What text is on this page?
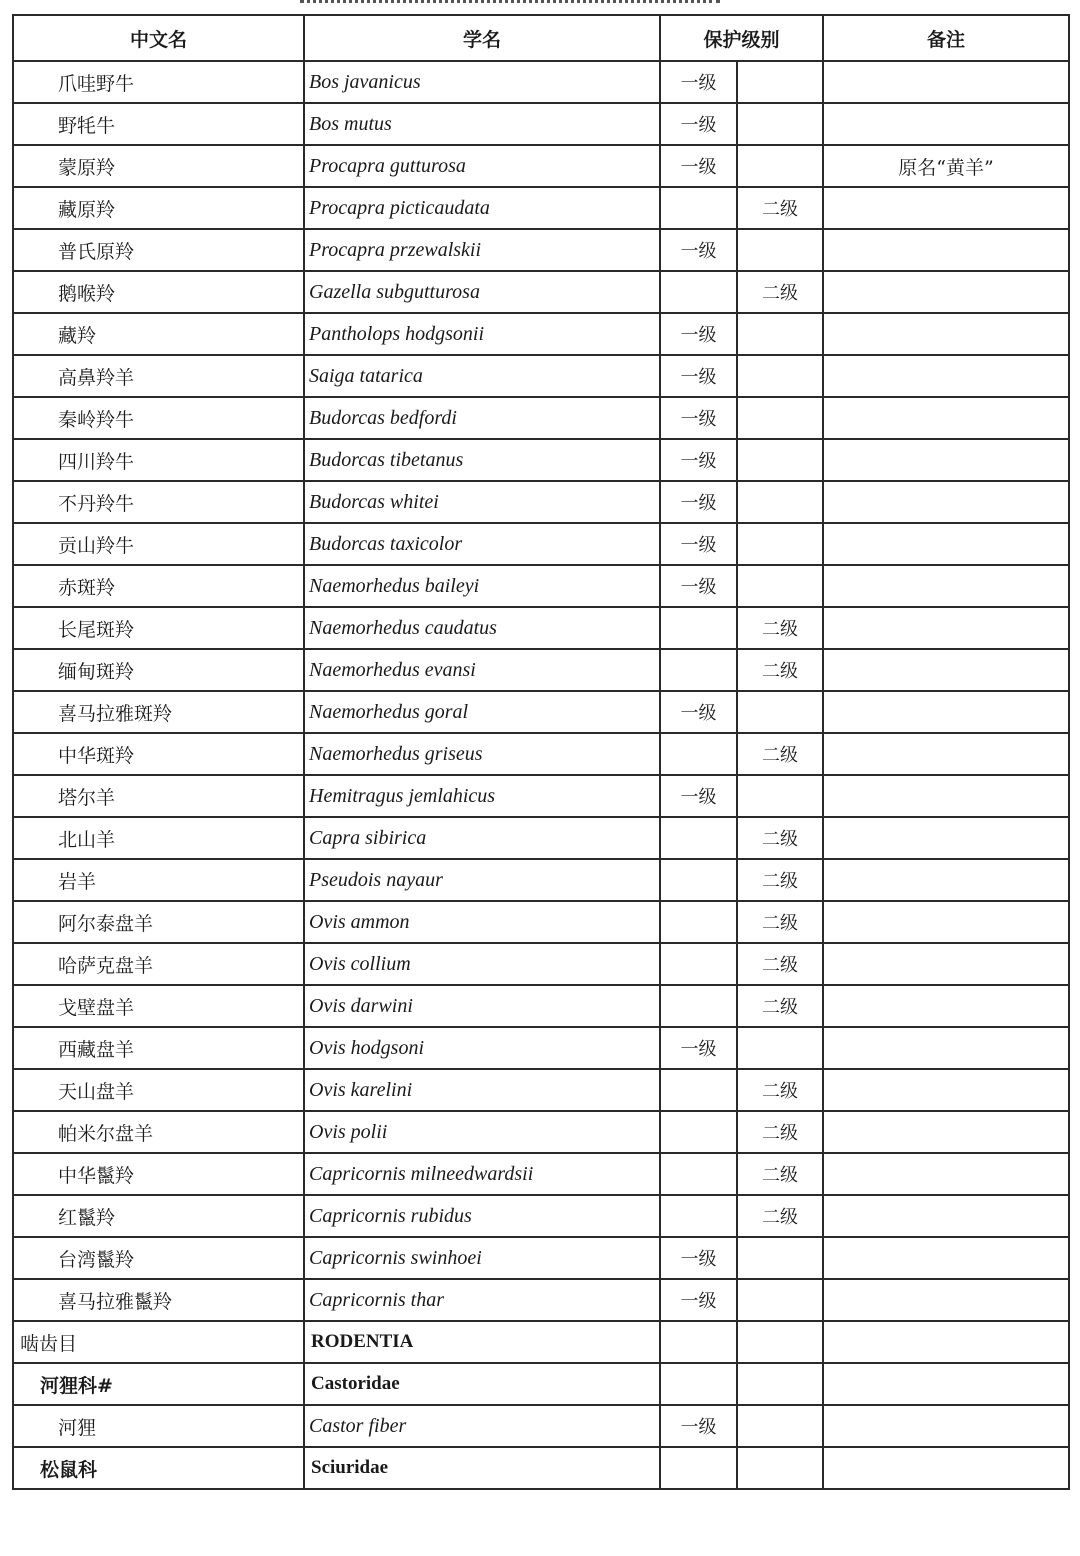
中文名	学名	保护级别		备注
爪哇野牛	Bos javanicus	一级		
野牦牛	Bos mutus	一级		
蒙原羚	Procapra gutturosa	一级		原名“黄羊”
藏原羚	Procapra picticaudata		二级	
普氏原羚	Procapra przewalskii	一级		
鹅喉羚	Gazella subgutturosa		二级	
藏羚	Pantholops hodgsonii	一级		
高鼻羚羊	Saiga tatarica	一级		
秦岭羚牛	Budorcas bedfordi	一级		
四川羚牛	Budorcas tibetanus	一级		
不丹羚牛	Budorcas whitei	一级		
贡山羚牛	Budorcas taxicolor	一级		
赤斑羚	Naemorhedus baileyi	一级		
长尾斑羚	Naemorhedus caudatus		二级	
缅甸斑羚	Naemorhedus evansi		二级	
喜马拉雅斑羚	Naemorhedus goral	一级		
中华斑羚	Naemorhedus griseus		二级	
塔尔羊	Hemitragus jemlahicus	一级		
北山羊	Capra sibirica		二级	
岩羊	Pseudois nayaur		二级	
阿尔泰盘羊	Ovis ammon		二级	
哈萨克盘羊	Ovis collium		二级	
戈壁盘羊	Ovis darwini		二级	
西藏盘羊	Ovis hodgsoni	一级		
天山盘羊	Ovis karelini		二级	
帕米尔盘羊	Ovis polii		二级	
中华鬣羚	Capricornis milneedwardsii		二级	
红鬣羚	Capricornis rubidus		二级	
台湾鬣羚	Capricornis swinhoei	一级		
喜马拉雅鬣羚	Capricornis thar	一级		
啮齿目	RODENTIA			
河狸科#	Castoridae			
河狸	Castor fiber	一级		
松鼠科	Sciuridae			
